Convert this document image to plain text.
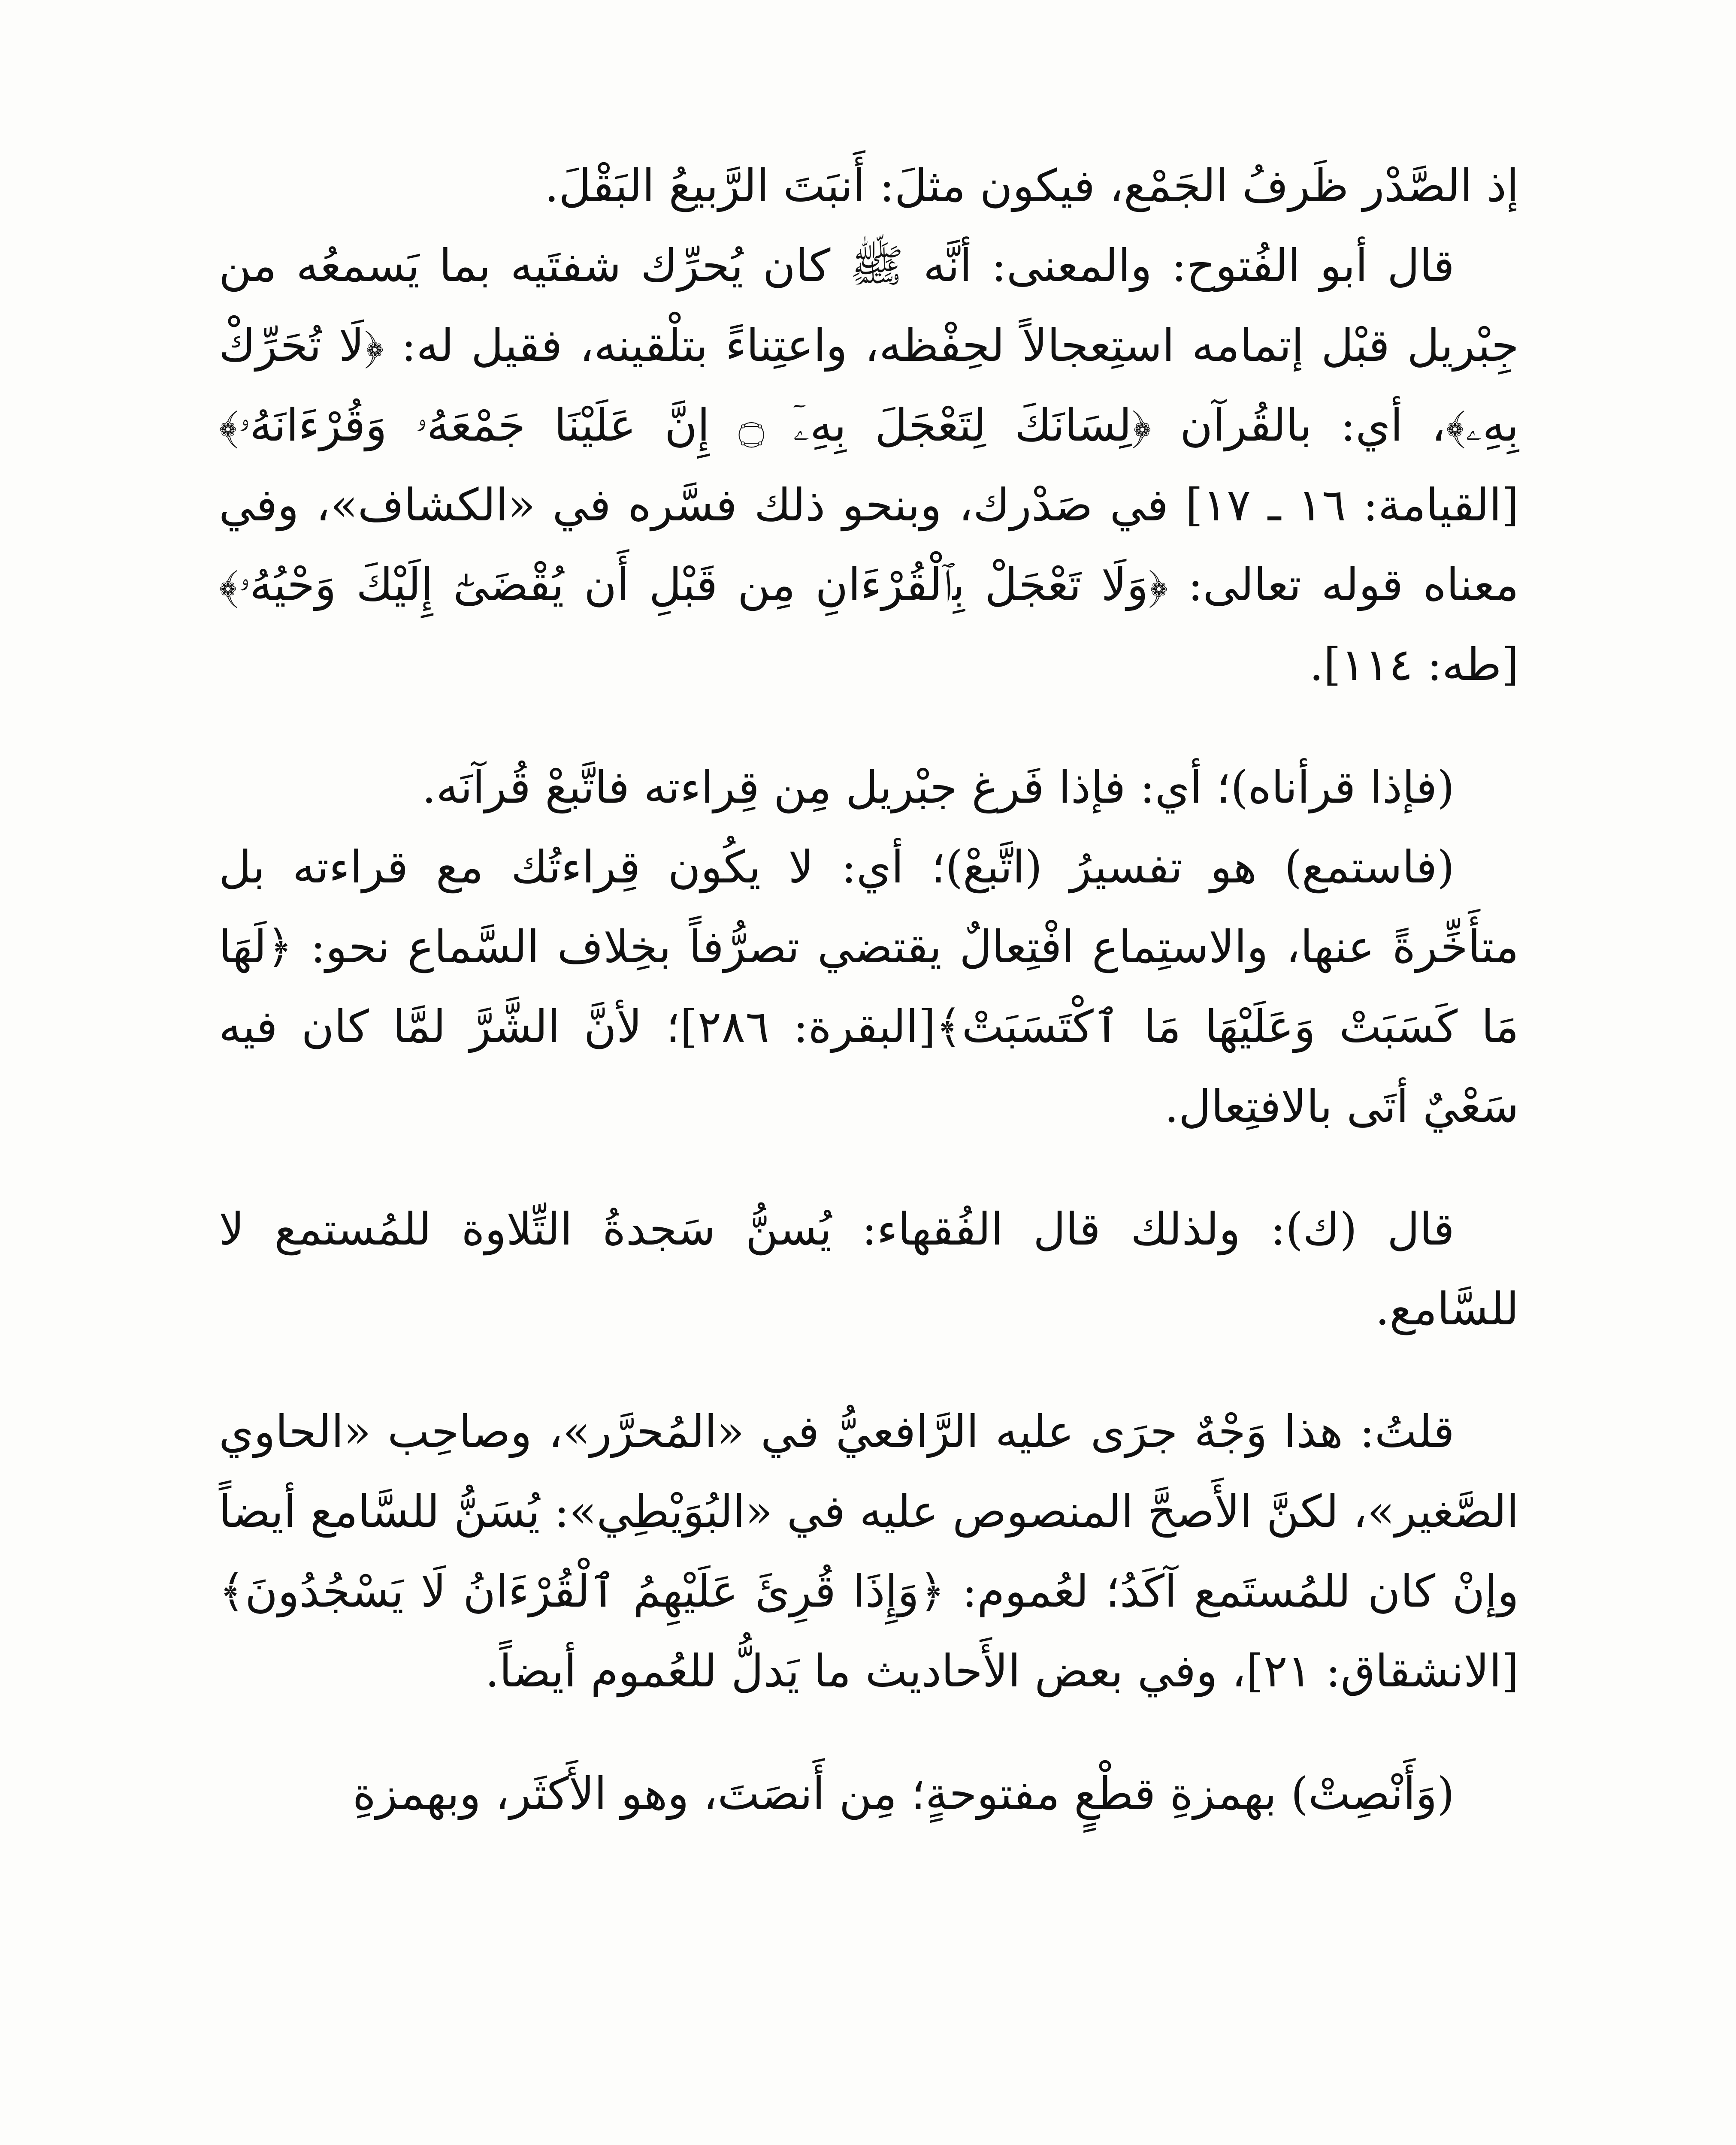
إذ الصَّدْر ظَرفُ الجَمْع، فيكون مثلَ: أَنبَتَ الرَّبيعُ البَقْلَ.

قال أبو الفُتوح: والمعنى: أنَّه ﷺ كان يُحرِّك شفتَيه بما يَسمعُه من جِبْريل قبْل إتمامه استِعجالاً لحِفْظه، واعتِناءً بتلْقينه، فقيل له: ﴿لَا تُحَرِّكْ بِهِۦ﴾، أي: بالقُرآن ﴿لِسَانَكَ لِتَعْجَلَ بِهِۦٓ ۝ إِنَّ عَلَيْنَا جَمْعَهُۥ وَقُرْءَانَهُۥ﴾ [القيامة: ١٦ ـ ١٧] في صَدْرك، وبنحو ذلك فسَّره في «الكشاف»، وفي معناه قوله تعالى: ﴿وَلَا تَعْجَلْ بِٱلْقُرْءَانِ مِن قَبْلِ أَن يُقْضَىٰٓ إِلَيْكَ وَحْيُهُۥ﴾[طه: ١١٤].

(فإذا قرأناه)؛ أي: فإذا فَرغ جبْريل مِن قِراءته فاتَّبعْ قُرآنَه.

(فاستمع) هو تفسيرُ (اتَّبعْ)؛ أي: لا يكُون قِراءتُك مع قراءته بل متأَخِّرةً عنها، والاستِماع افْتِعالٌ يقتضي تصرُّفاً بخِلاف السَّماع نحو: ﴿لَهَا مَا كَسَبَتْ وَعَلَيْهَا مَا ٱكْتَسَبَتْ﴾[البقرة: ٢٨٦]؛ لأنَّ الشَّرَّ لمَّا كان فيه سَعْيٌ أتَى بالافتِعال.

قال (ك): ولذلك قال الفُقهاء: يُسنُّ سَجدةُ التِّلاوة للمُستمع لا للسَّامع.

قلتُ: هذا وَجْهٌ جرَى عليه الرَّافعيُّ في «المُحرَّر»، وصاحِب «الحاوي الصَّغير»، لكنَّ الأَصحَّ المنصوص عليه في «البُوَيْطِي»: يُسَنُّ للسَّامع أيضاً وإنْ كان للمُستَمع آكَدُ؛ لعُموم: ﴿وَإِذَا قُرِئَ عَلَيْهِمُ ٱلْقُرْءَانُ لَا يَسْجُدُونَ﴾[الانشقاق: ٢١]، وفي بعض الأَحاديث ما يَدلُّ للعُموم أيضاً.

(وَأَنْصِتْ) بهمزةِ قطْعٍ مفتوحةٍ؛ مِن أَنصَتَ، وهو الأَكثَر، وبهمزةِ
